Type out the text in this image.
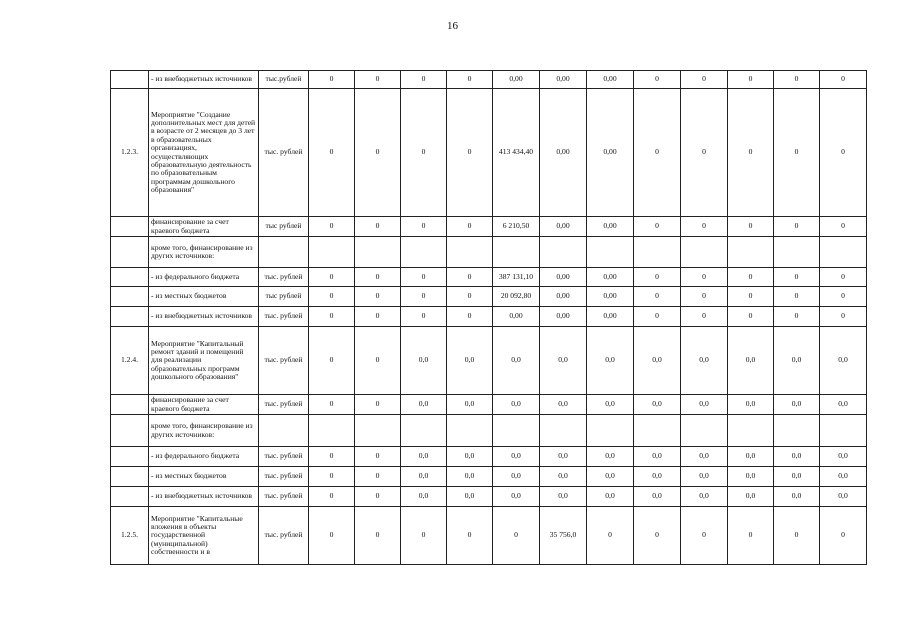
16
	- из внебюджетных источников	тыс.рублей	0	0	0	0	0,00	0,00	0,00	0	0	0	0	0
1.2.3.	Мероприятие "Создание дополнительных мест для детей в возрасте от 2 месяцев до 3 лет в образовательных организациях, осуществляющих образовательную деятельность по образовательным программам дошкольного образования"	тыс. рублей	0	0	0	0	413 434,40	0,00	0,00	0	0	0	0	0
	финансирование за счет краевого бюджета	тыс рублей	0	0	0	0	6 210,50	0,00	0,00	0	0	0	0	0
	кроме того, финансирование из других источников:													
	- из федерального бюджета	тыс. рублей	0	0	0	0	387 131,10	0,00	0,00	0	0	0	0	0
	- из местных бюджетов	тыс рублей	0	0	0	0	20 092,80	0,00	0,00	0	0	0	0	0
	- из внебюджетных источников	тыс. рублей	0	0	0	0	0,00	0,00	0,00	0	0	0	0	0
1.2.4.	Мероприятие "Капитальный ремонт зданий и помещений для реализации образовательных программ дошкольного образования"	тыс. рублей	0	0	0,0	0,0	0,0	0,0	0,0	0,0	0,0	0,0	0,0	0,0
	финансирование за счет краевого бюджета	тыс. рублей	0	0	0,0	0,0	0,0	0,0	0,0	0,0	0,0	0,0	0,0	0,0
	кроме того, финансирование из других источников:													
	- из федерального бюджета	тыс. рублей	0	0	0,0	0,0	0,0	0,0	0,0	0,0	0,0	0,0	0,0	0,0
	- из местных бюджетов	тыс. рублей	0	0	0,0	0,0	0,0	0,0	0,0	0,0	0,0	0,0	0,0	0,0
	- из внебюджетных источников	тыс. рублей	0	0	0,0	0,0	0,0	0,0	0,0	0,0	0,0	0,0	0,0	0,0
1.2.5.	Мероприятие "Капитальные вложения в объекты государственной (муниципальной) собственности и в	тыс. рублей	0	0	0	0	0	35 756,0	0	0	0	0	0	0
